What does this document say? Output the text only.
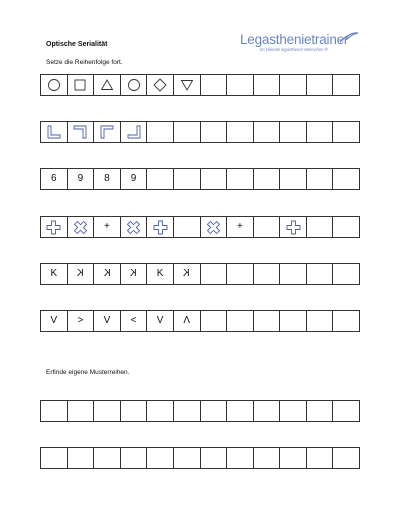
Optische Serialität
Setze die Reihenfolge fort.
Legasthenietrainer
Im Dienste legasthener Menschen ®
6 9 8 9
+	+
K K K K K K
V > V < V Λ
Erfinde eigene Musterreihen.
